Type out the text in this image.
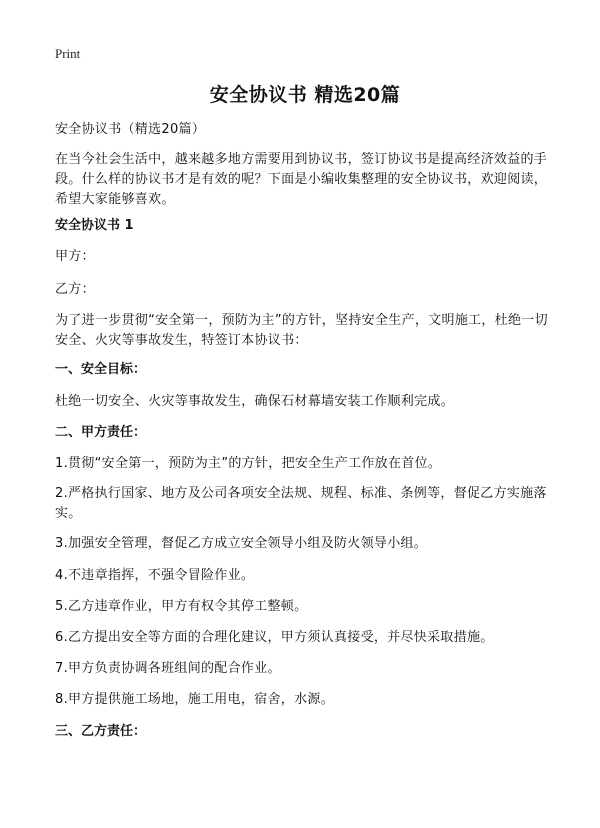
Print
安全协议书 精选20篇

安全协议书（精选20篇）

在当今社会生活中，越来越多地方需要用到协议书，签订协议书是提高经济效益的手段。什么样的协议书才是有效的呢？下面是小编收集整理的安全协议书，欢迎阅读，希望大家能够喜欢。

安全协议书 1

甲方：

乙方：

为了进一步贯彻“安全第一，预防为主”的方针，坚持安全生产，文明施工，杜绝一切安全、火灾等事故发生，特签订本协议书：

一、安全目标：

杜绝一切安全、火灾等事故发生，确保石材幕墙安装工作顺利完成。

二、甲方责任：

1.贯彻“安全第一，预防为主”的方针，把安全生产工作放在首位。

2.严格执行国家、地方及公司各项安全法规、规程、标准、条例等，督促乙方实施落实。

3.加强安全管理，督促乙方成立安全领导小组及防火领导小组。

4.不违章指挥，不强令冒险作业。

5.乙方违章作业，甲方有权令其停工整顿。

6.乙方提出安全等方面的合理化建议，甲方须认真接受，并尽快采取措施。

7.甲方负责协调各班组间的配合作业。

8.甲方提供施工场地，施工用电，宿舍，水源。

三、乙方责任：
